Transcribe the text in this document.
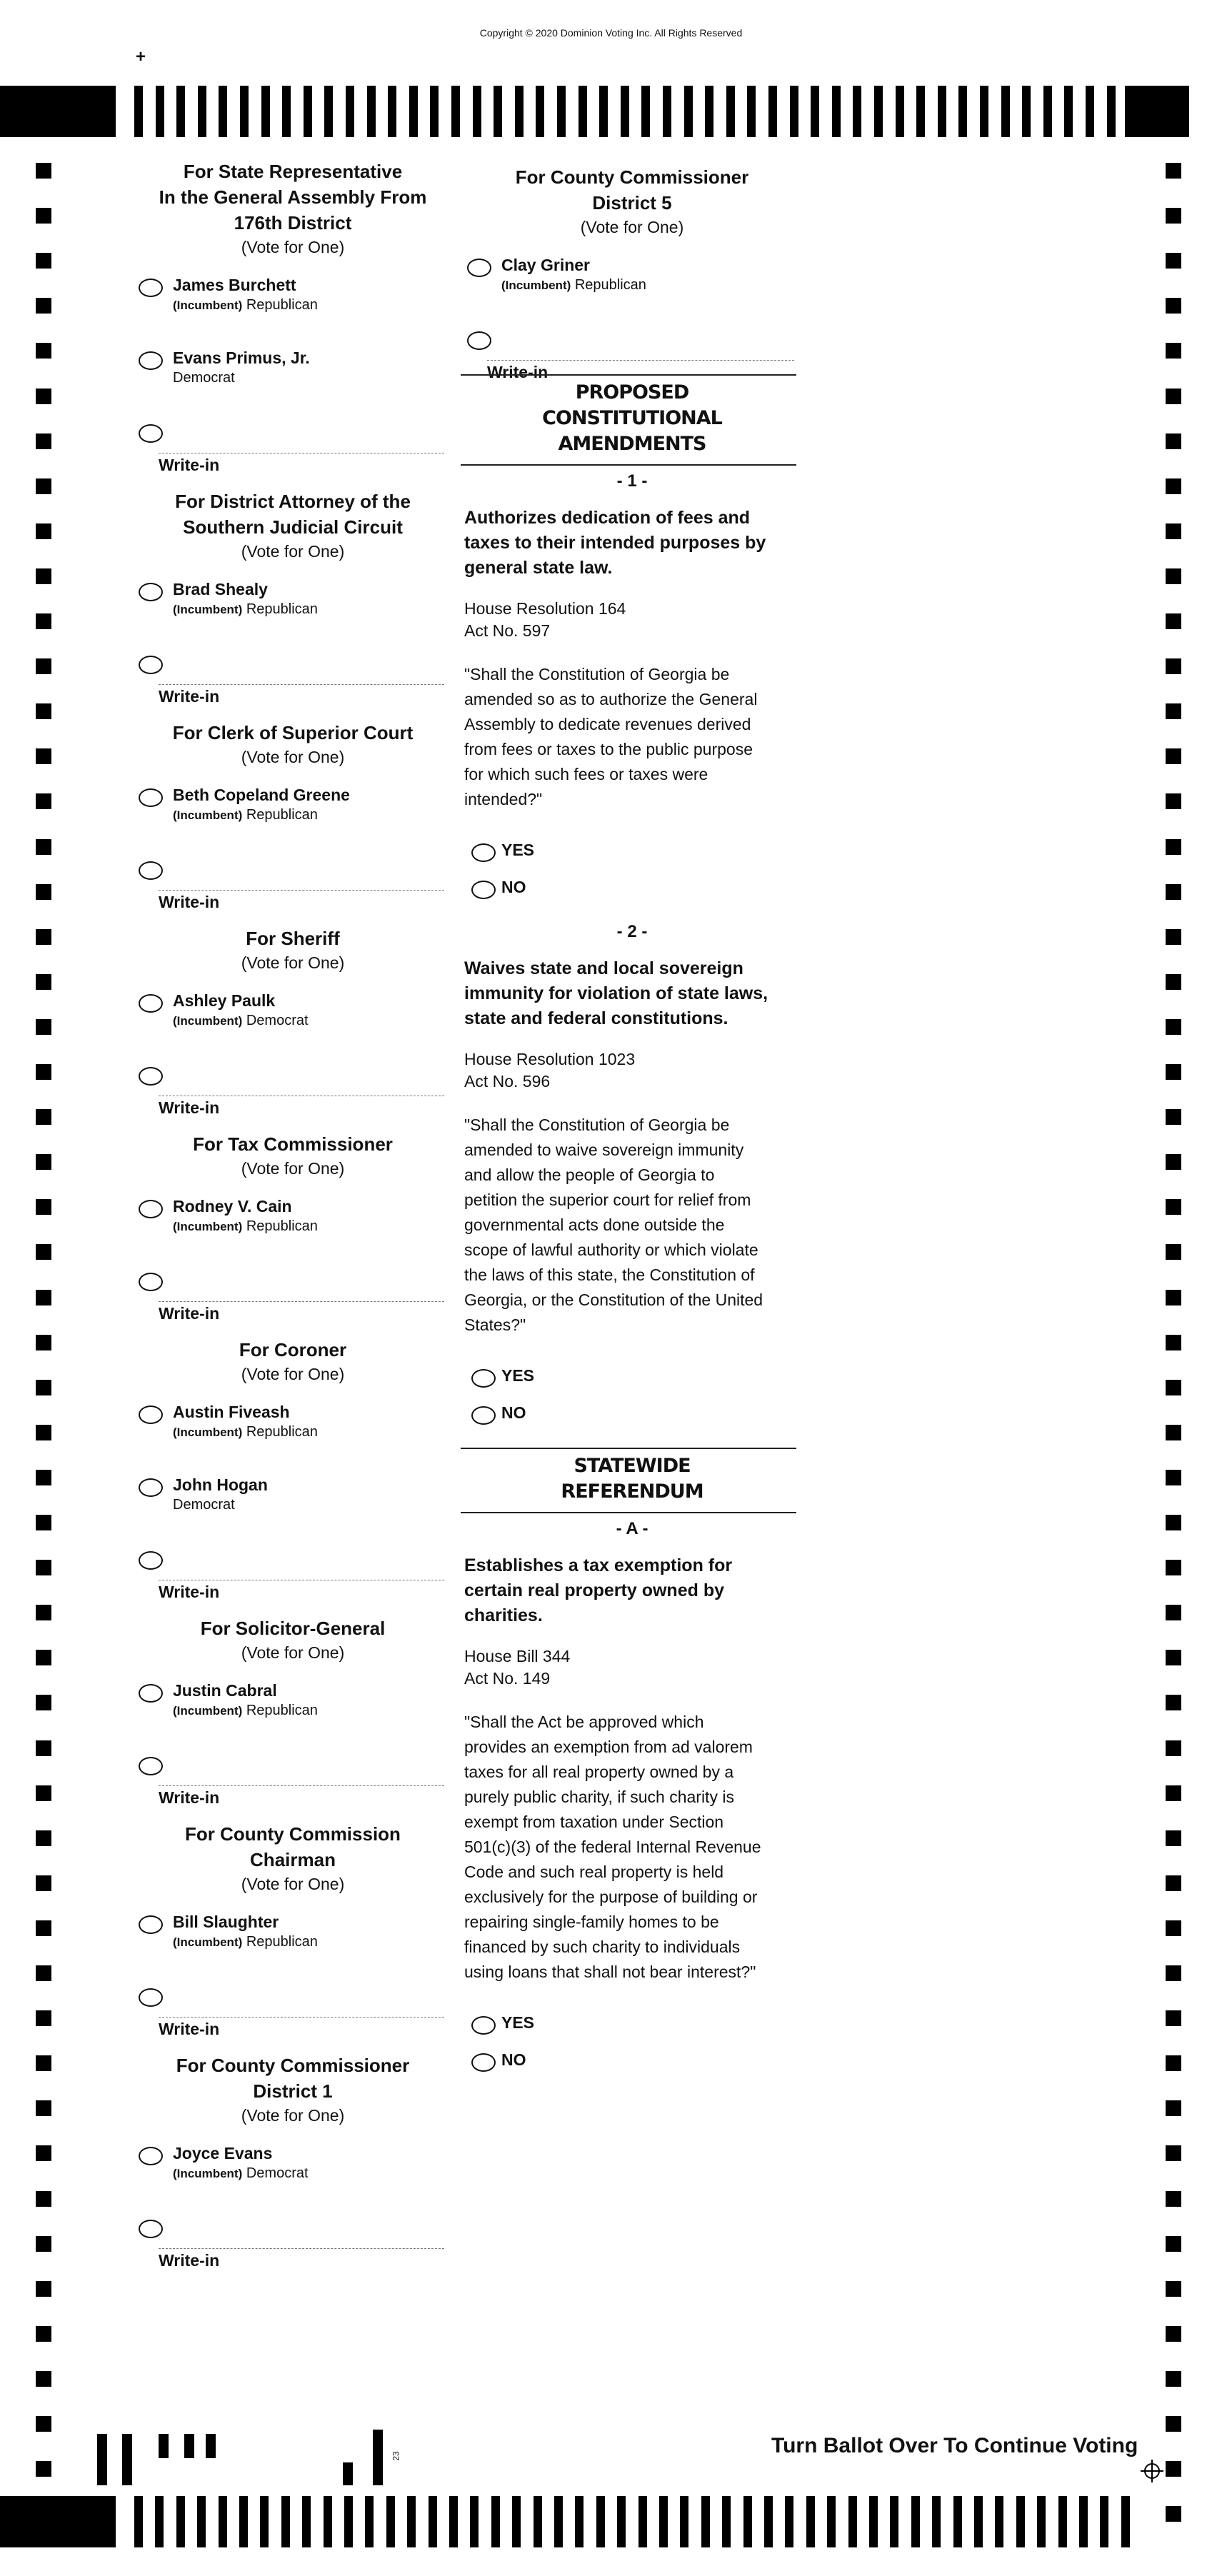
Copyright © 2020 Dominion Voting Inc. All Rights Reserved
+
For State Representative
In the General Assembly From
176th District
(Vote for One)
James Burchett
(Incumbent) Republican
Evans Primus, Jr.
Democrat
Write-in
For District Attorney of the
Southern Judicial Circuit
(Vote for One)
Brad Shealy
(Incumbent) Republican
Write-in
For Clerk of Superior Court
(Vote for One)
Beth Copeland Greene
(Incumbent) Republican
Write-in
For Sheriff
(Vote for One)
Ashley Paulk
(Incumbent) Democrat
Write-in
For Tax Commissioner
(Vote for One)
Rodney V. Cain
(Incumbent) Republican
Write-in
For Coroner
(Vote for One)
Austin Fiveash
(Incumbent) Republican
John Hogan
Democrat
Write-in
For Solicitor-General
(Vote for One)
Justin Cabral
(Incumbent) Republican
Write-in
For County Commission
Chairman
(Vote for One)
Bill Slaughter
(Incumbent) Republican
Write-in
For County Commissioner
District 1
(Vote for One)
Joyce Evans
(Incumbent) Democrat
Write-in
For County Commissioner
District 5
(Vote for One)
Clay Griner
(Incumbent) Republican
Write-in
PROPOSED
CONSTITUTIONAL
AMENDMENTS
- 1 -
Authorizes dedication of fees and
taxes to their intended purposes by
general state law.
House Resolution 164
Act No. 597
"Shall the Constitution of Georgia be
amended so as to authorize the General
Assembly to dedicate revenues derived
from fees or taxes to the public purpose
for which such fees or taxes were
intended?"
YES
NO
- 2 -
Waives state and local sovereign
immunity for violation of state laws,
state and federal constitutions.
House Resolution 1023
Act No. 596
"Shall the Constitution of Georgia be
amended to waive sovereign immunity
and allow the people of Georgia to
petition the superior court for relief from
governmental acts done outside the
scope of lawful authority or which violate
the laws of this state, the Constitution of
Georgia, or the Constitution of the United
States?"
YES
NO
STATEWIDE
REFERENDUM
- A -
Establishes a tax exemption for
certain real property owned by
charities.
House Bill 344
Act No. 149
"Shall the Act be approved which
provides an exemption from ad valorem
taxes for all real property owned by a
purely public charity, if such charity is
exempt from taxation under Section
501(c)(3) of the federal Internal Revenue
Code and such real property is held
exclusively for the purpose of building or
repairing single-family homes to be
financed by such charity to individuals
using loans that shall not bear interest?"
YES
NO
Turn Ballot Over To Continue Voting
23
